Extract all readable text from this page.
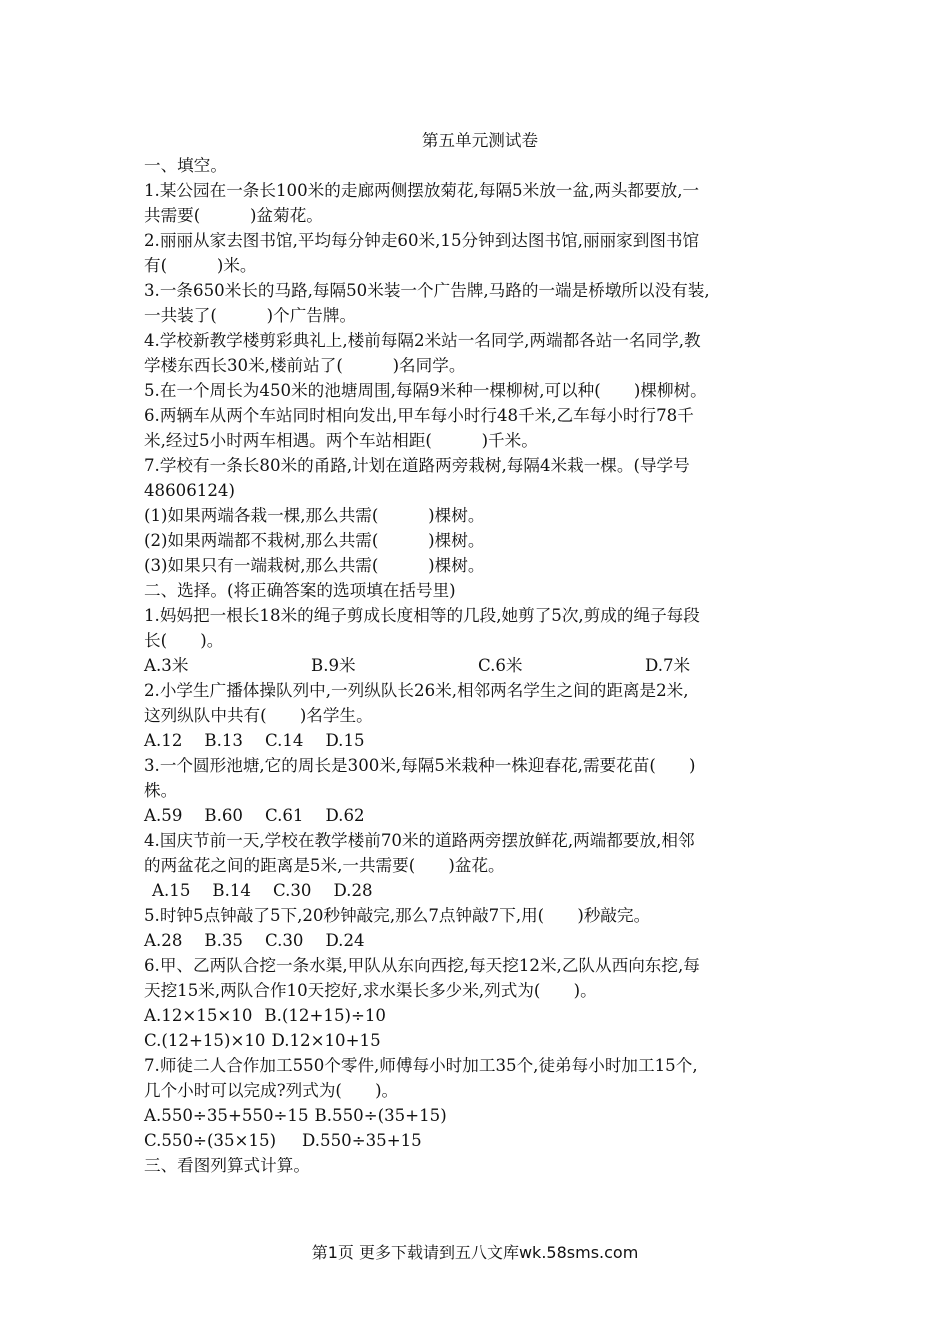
第五单元测试卷

一、填空。

1.某公园在一条长100米的走廊两侧摆放菊花,每隔5米放一盆,两头都要放,一

共需要(　　　)盆菊花。

2.丽丽从家去图书馆,平均每分钟走60米,15分钟到达图书馆,丽丽家到图书馆

有(　　　)米。

3.一条650米长的马路,每隔50米装一个广告牌,马路的一端是桥墩所以没有装,

一共装了(　　　)个广告牌。

4.学校新教学楼剪彩典礼上,楼前每隔2米站一名同学,两端都各站一名同学,教

学楼东西长30米,楼前站了(　　　)名同学。

5.在一个周长为450米的池塘周围,每隔9米种一棵柳树,可以种(　　)棵柳树。

6.两辆车从两个车站同时相向发出,甲车每小时行48千米,乙车每小时行78千

米,经过5小时两车相遇。两个车站相距(　　　)千米。

7.学校有一条长80米的甬路,计划在道路两旁栽树,每隔4米栽一棵。(导学号

48606124)

(1)如果两端各栽一棵,那么共需(　　　)棵树。

(2)如果两端都不栽树,那么共需(　　　)棵树。

(3)如果只有一端栽树,那么共需(　　　)棵树。

二、选择。(将正确答案的选项填在括号里)

1.妈妈把一根长18米的绳子剪成长度相等的几段,她剪了5次,剪成的绳子每段

长(　　)。

A.3米	B.9米	C.6米	D.7米

2.小学生广播体操队列中,一列纵队长26米,相邻两名学生之间的距离是2米,

这列纵队中共有(　　)名学生。

A.12 B.13 C.14 D.15

3.一个圆形池塘,它的周长是300米,每隔5米栽种一株迎春花,需要花苗(　　)

株。

A.59 B.60 C.61 D.62

4.国庆节前一天,学校在教学楼前70米的道路两旁摆放鲜花,两端都要放,相邻

的两盆花之间的距离是5米,一共需要(　　)盆花。

A.15 B.14 C.30 D.28

5.时钟5点钟敲了5下,20秒钟敲完,那么7点钟敲7下,用(　　)秒敲完。

A.28 B.35 C.30 D.24

6.甲、乙两队合挖一条水渠,甲队从东向西挖,每天挖12米,乙队从西向东挖,每

天挖15米,两队合作10天挖好,求水渠长多少米,列式为(　　)。

A.12×15×10 B.(12+15)÷10
C.(12+15)×10 D.12×10+15

7.师徒二人合作加工550个零件,师傅每小时加工35个,徒弟每小时加工15个,

几个小时可以完成?列式为(　　)。

A.550÷35+550÷15 B.550÷(35+15)
C.550÷(35×15) D.550÷35+15

三、看图列算式计算。

第1页 更多下载请到五八文库wk.58sms.com
